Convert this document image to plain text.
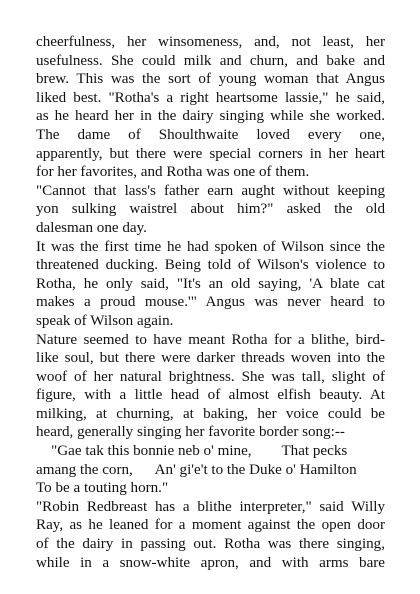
cheerfulness, her winsomeness, and, not least, her
usefulness. She could milk and churn, and bake and
brew. This was the sort of young woman that Angus
liked best. "Rotha's a right heartsome lassie," he said,
as he heard her in the dairy singing while she worked.
The dame of Shoulthwaite loved every one,
apparently, but there were special corners in her heart
for her favorites, and Rotha was one of them.
"Cannot that lass's father earn aught without keeping
yon sulking waistrel about him?" asked the old
dalesman one day.
It was the first time he had spoken of Wilson since the
threatened ducking. Being told of Wilson's violence to
Rotha, he only said, "It's an old saying, 'A blate cat
makes a proud mouse.'" Angus was never heard to
speak of Wilson again.
Nature seemed to have meant Rotha for a blithe, bird-
like soul, but there were darker threads woven into the
woof of her natural brightness. She was tall, slight of
figure, with a little head of almost elfish beauty. At
milking, at churning, at baking, her voice could be
heard, generally singing her favorite border song:--
"Gae tak this bonnie neb o' mine,        That pecks
amang the corn,      An' gi'e't to the Duke o' Hamilton
To be a touting horn."
"Robin Redbreast has a blithe interpreter," said Willy
Ray, as he leaned for a moment against the open door
of the dairy in passing out. Rotha was there singing,
while in a snow-white apron, and with arms bare
